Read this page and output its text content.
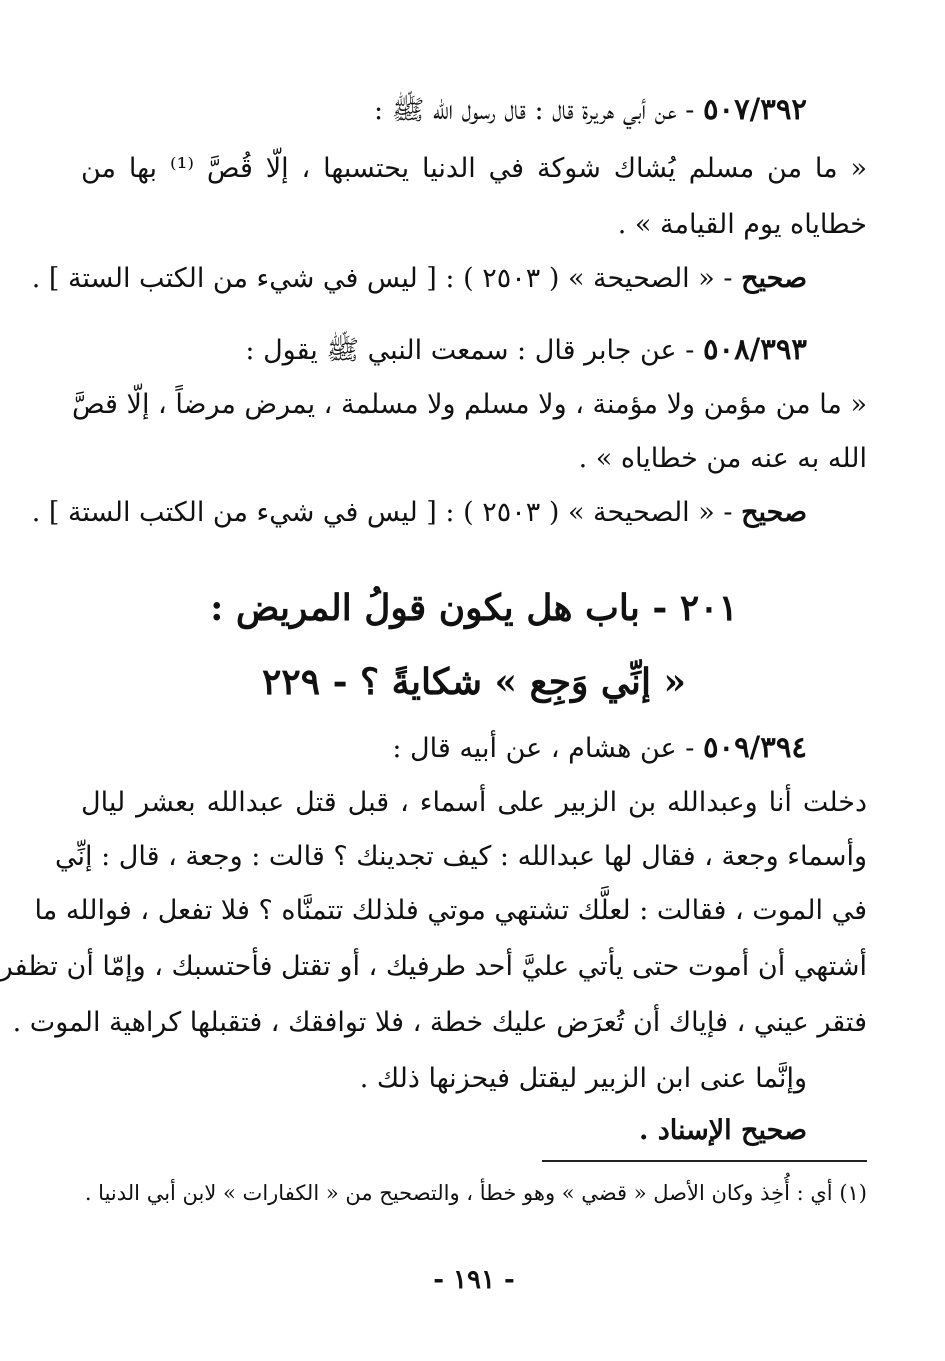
٥٠٧/٣٩٢ - عن أبي هريرة قال : قال رسول الله ﷺ :
« ما من مسلم يُشاك شوكة في الدنيا يحتسبها ، إلّا قُصَّ ⁽¹⁾ بها من
خطاياه يوم القيامة » .
صحيح - « الصحيحة » ( ٢٥٠٣ ) : [ ليس في شيء من الكتب الستة ] .
٥٠٨/٣٩٣ - عن جابر قال : سمعت النبي ﷺ يقول :
« ما من مؤمن ولا مؤمنة ، ولا مسلم ولا مسلمة ، يمرض مرضاً ، إلّا قصَّ
الله به عنه من خطاياه » .
صحيح - « الصحيحة » ( ٢٥٠٣ ) : [ ليس في شيء من الكتب الستة ] .
٢٠١ - باب هل يكون قولُ المريض :
« إنِّي وَجِع » شكايةً ؟ - ٢٢٩
٥٠٩/٣٩٤ - عن هشام ، عن أبيه قال :
دخلت أنا وعبدالله بن الزبير على أسماء ، قبل قتل عبدالله بعشر ليال
وأسماء وجعة ، فقال لها عبدالله : كيف تجدينك ؟ قالت : وجعة ، قال : إنِّي
في الموت ، فقالت : لعلَّك تشتهي موتي فلذلك تتمنَّاه ؟ فلا تفعل ، فوالله ما
أشتهي أن أموت حتى يأتي عليَّ أحد طرفيك ، أو تقتل فأحتسبك ، وإمّا أن تظفر
فتقر عيني ، فإياك أن تُعرَض عليك خطة ، فلا توافقك ، فتقبلها كراهية الموت .
وإنَّما عنى ابن الزبير ليقتل فيحزنها ذلك .
صحيح الإسناد .
(١) أي : أُخِذ وكان الأصل « قضي » وهو خطأ ، والتصحيح من « الكفارات » لابن أبي الدنيا .
- ١٩١ -
